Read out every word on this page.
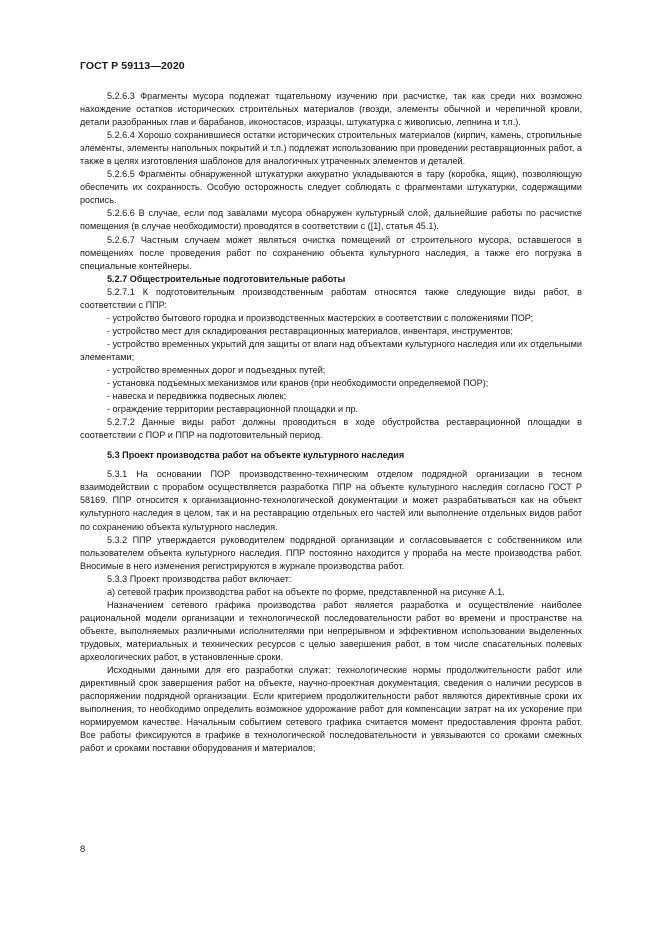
ГОСТ Р 59113—2020

5.2.6.3 Фрагменты мусора подлежат тщательному изучению при расчистке, так как среди них возможно нахождение остатков исторических строительных материалов (гвозди, элементы обычной и черепичной кровли, детали разобранных глав и барабанов, иконостасов, изразцы, штукатурка с живописью, лепнина и т.п.).

5.2.6.4 Хорошо сохранившиеся остатки исторических строительных материалов (кирпич, камень, стропильные элементы, элементы напольных покрытий и т.п.) подлежат использованию при проведении реставрационных работ, а также в целях изготовления шаблонов для аналогичных утраченных элементов и деталей.

5.2.6.5 Фрагменты обнаруженной штукатурки аккуратно укладываются в тару (коробка, ящик), позволяющую обеспечить их сохранность. Особую осторожность следует соблюдать с фрагментами штукатурки, содержащими роспись.

5.2.6.6 В случае, если под завалами мусора обнаружен культурный слой, дальнейшие работы по расчистке помещения (в случае необходимости) проводятся в соответствии с ([1], статья 45.1).

5.2.6.7 Частным случаем может являться очистка помещений от строительного мусора, оставшегося в помещениях после проведения работ по сохранению объекта культурного наследия, а также его погрузка в специальные контейнеры.

5.2.7 Общестроительные подготовительные работы

5.2.7.1 К подготовительным производственным работам относятся также следующие виды работ, в соответствии с ППР:

- устройство бытового городка и производственных мастерских в соответствии с положениями ПОР;

- устройство мест для складирования реставрационных материалов, инвентаря, инструментов;

- устройство временных укрытий для защиты от влаги над объектами культурного наследия или их отдельными элементами;

- устройство временных дорог и подъездных путей;

- установка подъемных механизмов или кранов (при необходимости определяемой ПОР);

- навеска и передвижка подвесных люлек;

- ограждение территории реставрационной площадки и пр.

5.2.7.2 Данные виды работ должны проводиться в ходе обустройства реставрационной площадки в соответствии с ПОР и ППР на подготовительный период.

5.3 Проект производства работ на объекте культурного наследия

5.3.1 На основании ПОР производственно-техническим отделом подрядной организации в тесном взаимодействии с прорабом осуществляется разработка ППР на объекте культурного наследия согласно ГОСТ Р 58169. ППР относится к организационно-технологической документации и может разрабатываться как на объект культурного наследия в целом, так и на реставрацию отдельных его частей или выполнение отдельных видов работ по сохранению объекта культурного наследия.

5.3.2 ППР утверждается руководителем подрядной организации и согласовывается с собственником или пользователем объекта культурного наследия. ППР постоянно находится у прораба на месте производства работ. Вносимые в него изменения регистрируются в журнале производства работ.

5.3.3 Проект производства работ включает:

а) сетевой график производства работ на объекте по форме, представленной на рисунке А.1.

Назначением сетевого графика производства работ является разработка и осуществление наиболее рациональной модели организации и технологической последовательности работ во времени и пространстве на объекте, выполняемых различными исполнителями при непрерывном и эффективном использовании выделенных трудовых, материальных и технических ресурсов с целью завершения работ, в том числе спасательных полевых археологических работ, в установленные сроки.

Исходными данными для его разработки служат: технологические нормы продолжительности работ или директивный срок завершения работ на объекте, научно-проектная документация, сведения о наличии ресурсов в распоряжении подрядной организации. Если критерием продолжительности работ являются директивные сроки их выполнения, то необходимо определить возможное удорожание работ для компенсации затрат на их ускорение при нормируемом качестве. Начальным событием сетевого графика считается момент предоставления фронта работ. Все работы фиксируются в графике в технологической последовательности и увязываются со сроками смежных работ и сроками поставки оборудования и материалов;

8
